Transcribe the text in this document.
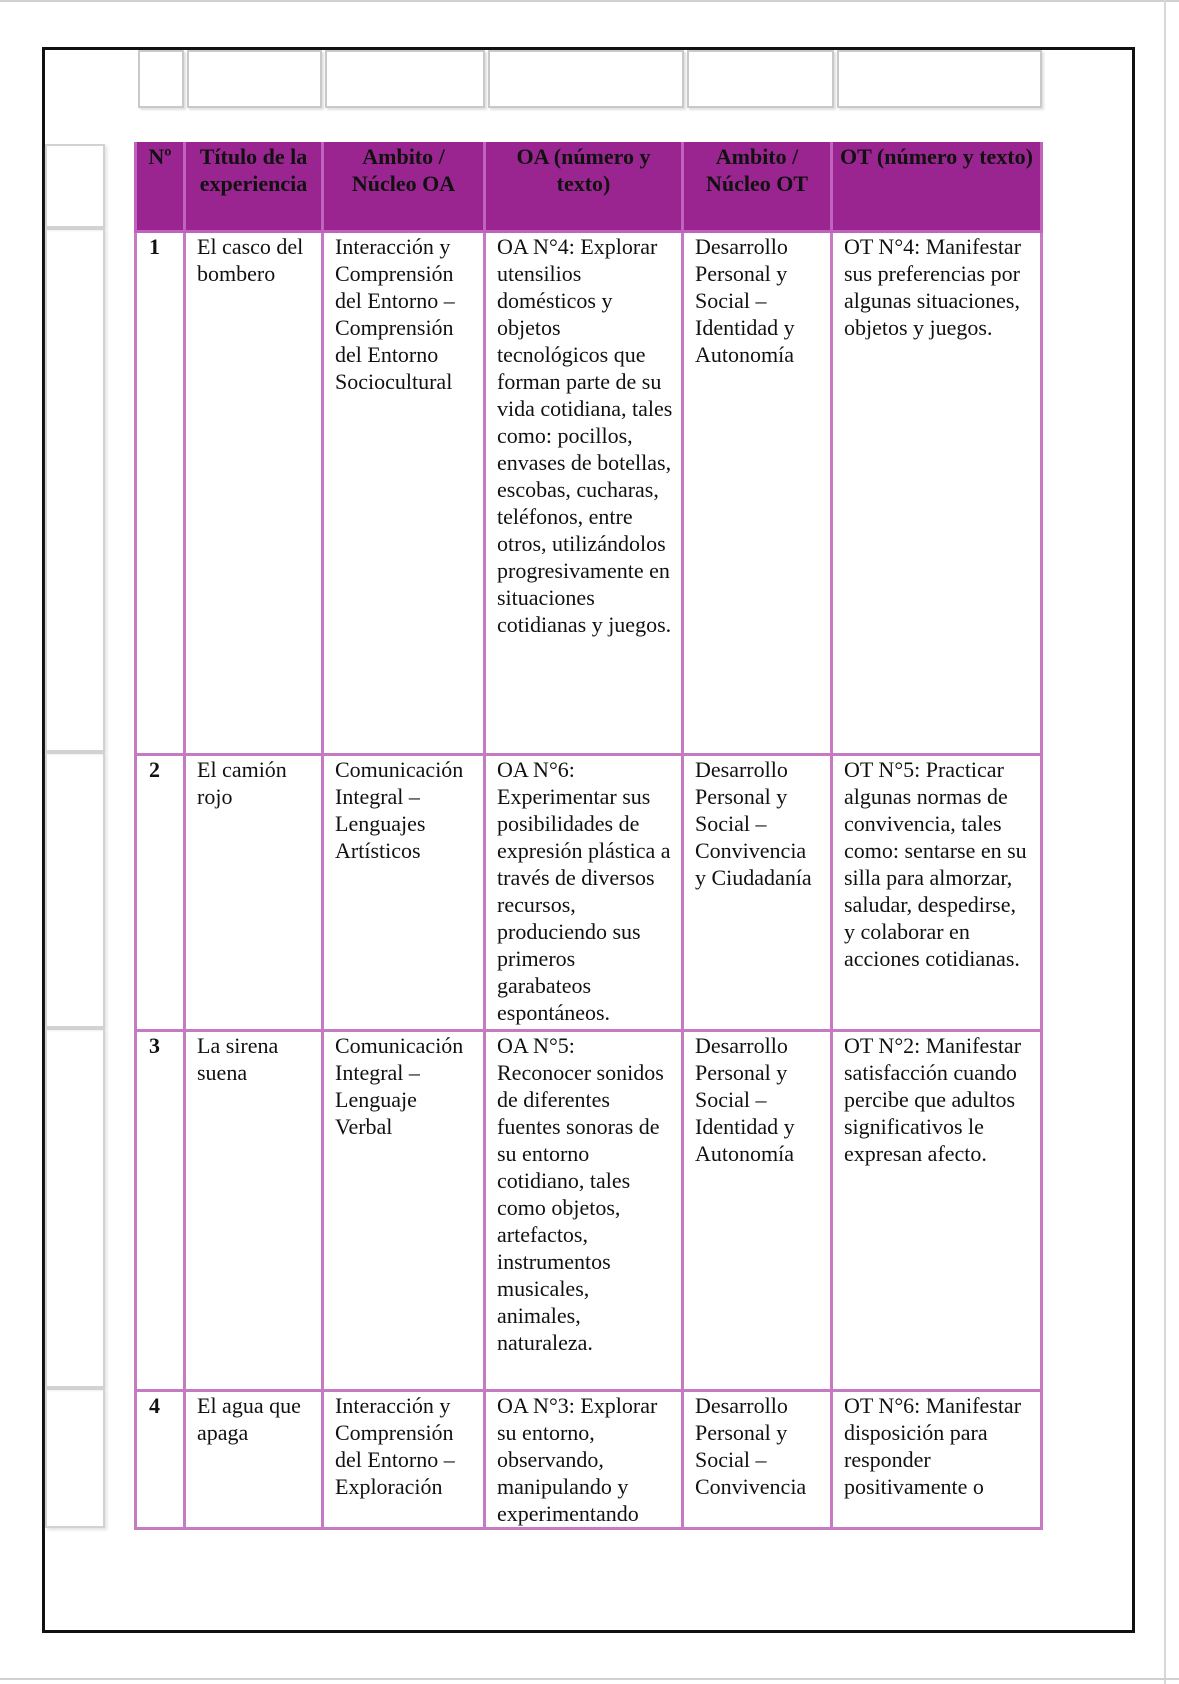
Nº	Título de la experiencia	Ambito / Núcleo OA	OA (número y texto)	Ambito / Núcleo OT	OT (número y texto)
1	El casco del bombero	Interacción y Comprensión del Entorno – Comprensión del Entorno Sociocultural	OA N°4: Explorar utensilios domésticos y objetos tecnológicos que forman parte de su vida cotidiana, tales como: pocillos, envases de botellas, escobas, cucharas, teléfonos, entre otros, utilizándolos progresivamente en situaciones cotidianas y juegos.	Desarrollo Personal y Social – Identidad y Autonomía	OT N°4: Manifestar sus preferencias por algunas situaciones, objetos y juegos.
2	El camión rojo	Comunicación Integral – Lenguajes Artísticos	OA N°6: Experimentar sus posibilidades de expresión plástica a través de diversos recursos, produciendo sus primeros garabateos espontáneos.	Desarrollo Personal y Social – Convivencia y Ciudadanía	OT N°5: Practicar algunas normas de convivencia, tales como: sentarse en su silla para almorzar, saludar, despedirse, y colaborar en acciones cotidianas.
3	La sirena suena	Comunicación Integral – Lenguaje Verbal	OA N°5: Reconocer sonidos de diferentes fuentes sonoras de su entorno cotidiano, tales como objetos, artefactos, instrumentos musicales, animales, naturaleza.	Desarrollo Personal y Social – Identidad y Autonomía	OT N°2: Manifestar satisfacción cuando percibe que adultos significativos le expresan afecto.
4	El agua que apaga	Interacción y Comprensión del Entorno – Exploración	OA N°3: Explorar su entorno, observando, manipulando y experimentando	Desarrollo Personal y Social – Convivencia	OT N°6: Manifestar disposición para responder positivamente o
